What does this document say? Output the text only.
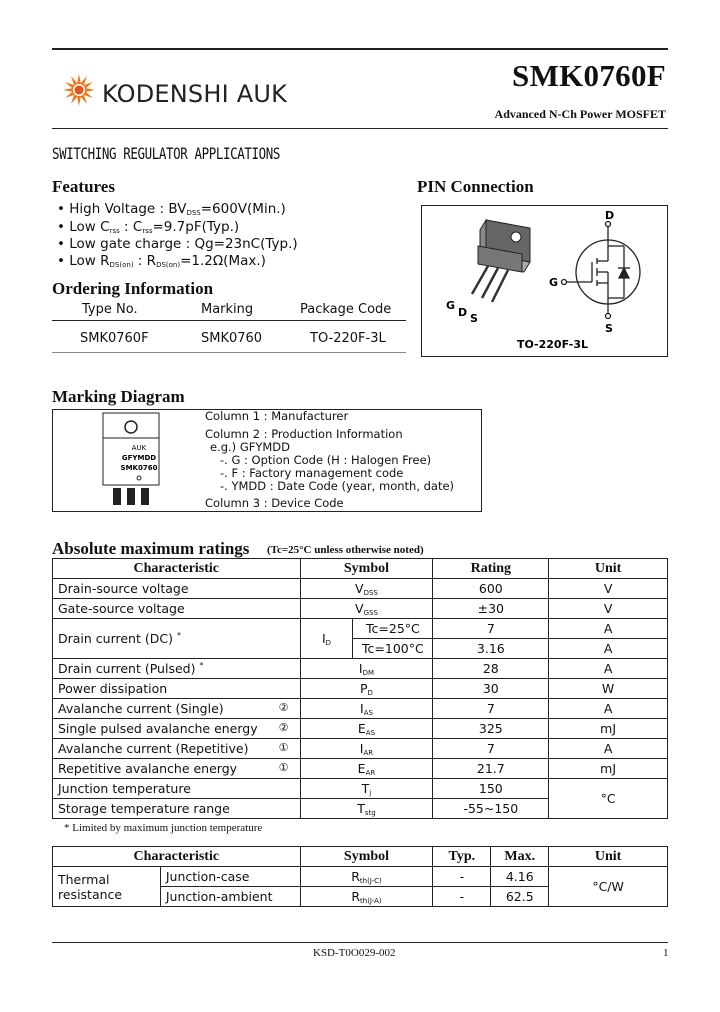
KODENSHI AUK
SMK0760F
Advanced N-Ch Power MOSFET
SWITCHING REGULATOR APPLICATIONS
Features
• High Voltage : $BV_{DSS}=600V(Min.)$
• Low $C_{rss}$ : $C_{rss}=9.7pF(Typ.)$
• Low gate charge : Qg=23nC(Typ.)
• Low $R_{DS(on)}$ : $R_{DS(on)}=1.2\Omega(Max.)$
Ordering Information
Type No.	Marking	Package Code
SMK0760F	SMK0760	TO-220F-3L
PIN Connection
G
D S
D
G
S
TO-220F-3L
Marking Diagram
AUK
GFYMDD
SMK0760
Column 1 : Manufacturer
Column 2 : Production Information
e.g.) GFYMDD
-. G : Option Code (H : Halogen Free)
-. F : Factory management code
-. YMDD : Date Code (year, month, date)
Column 3 : Device Code
Absolute maximum ratings (Tc=25°C unless otherwise noted)
Characteristic	Symbol		Rating	Unit
Drain-source voltage	$V_{DSS}$		600	V
Gate-source voltage	$V_{GSS}$		±30	V
Drain current (DC) *	$I_D$	Tc=25°C	7	A
		Tc=100°C	3.16	A
Drain current (Pulsed) *	$I_{DM}$		28	A
Power dissipation	$P_D$		30	W
Avalanche current (Single) ②	$I_{AS}$		7	A
Single pulsed avalanche energy ②	$E_{AS}$		325	mJ
Avalanche current (Repetitive) ①	$I_{AR}$		7	A
Repetitive avalanche energy ①	$E_{AR}$		21.7	mJ
Junction temperature	$T_j$		150	°C
Storage temperature range	$T_{stg}$		-55~150	
* Limited by maximum junction temperature
Characteristic		Symbol	Typ.	Max.	Unit
Thermal resistance	Junction-case	$R_{th(J-C)}$	-	4.16	°C/W
	Junction-ambient	$R_{th(J-A)}$	-	62.5	
KSD-T0O029-002	1
